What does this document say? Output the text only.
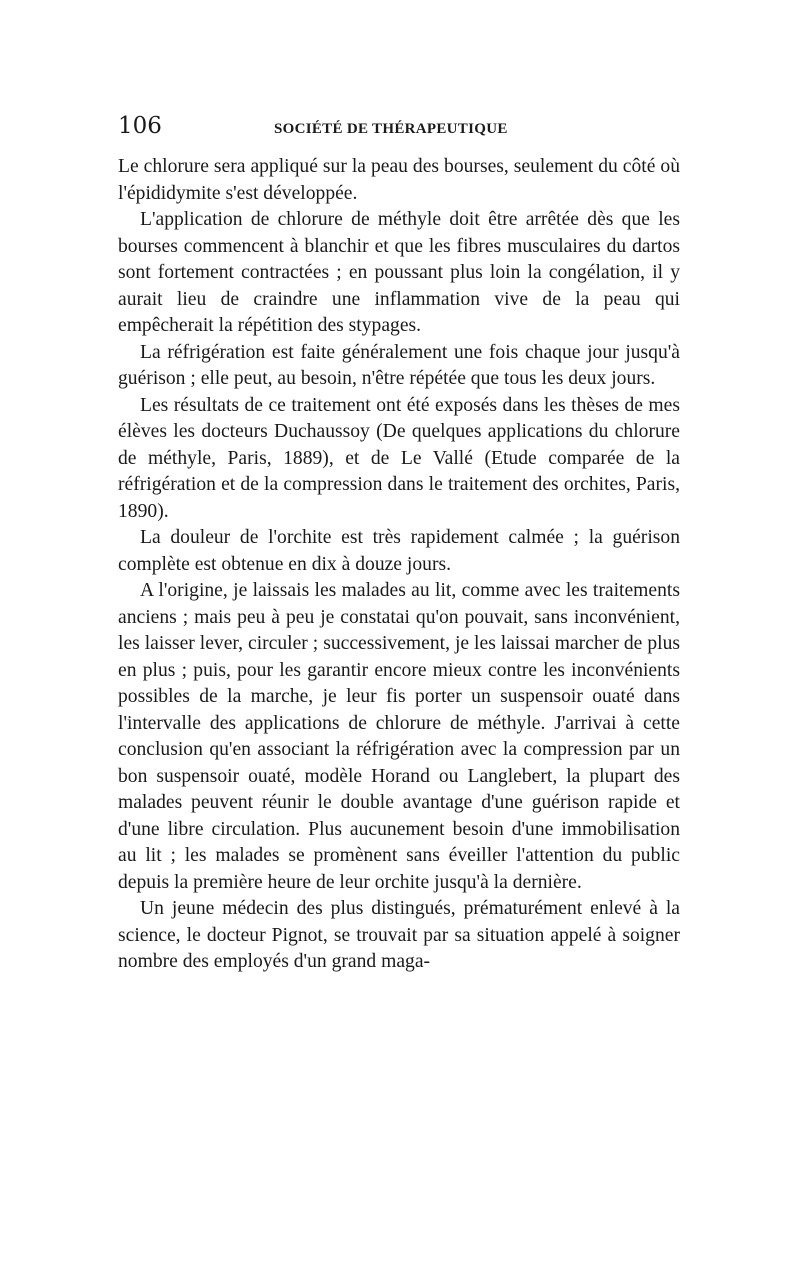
106	SOCIÉTÉ DE THÉRAPEUTIQUE

Le chlorure sera appliqué sur la peau des bourses, seulement du côté où l'épididymite s'est développée.

L'application de chlorure de méthyle doit être arrêtée dès que les bourses commencent à blanchir et que les fibres musculaires du dartos sont fortement contractées ; en poussant plus loin la congélation, il y aurait lieu de craindre une inflammation vive de la peau qui empêcherait la répétition des stypages.

La réfrigération est faite généralement une fois chaque jour jusqu'à guérison ; elle peut, au besoin, n'être répétée que tous les deux jours.

Les résultats de ce traitement ont été exposés dans les thèses de mes élèves les docteurs Duchaussoy (De quelques applications du chlorure de méthyle, Paris, 1889), et de Le Vallé (Etude comparée de la réfrigération et de la compression dans le traitement des orchites, Paris, 1890).

La douleur de l'orchite est très rapidement calmée ; la guérison complète est obtenue en dix à douze jours.

A l'origine, je laissais les malades au lit, comme avec les traitements anciens ; mais peu à peu je constatai qu'on pouvait, sans inconvénient, les laisser lever, circuler ; successivement, je les laissai marcher de plus en plus ; puis, pour les garantir encore mieux contre les inconvénients possibles de la marche, je leur fis porter un suspensoir ouaté dans l'intervalle des applications de chlorure de méthyle. J'arrivai à cette conclusion qu'en associant la réfrigération avec la compression par un bon suspensoir ouaté, modèle Horand ou Langlebert, la plupart des malades peuvent réunir le double avantage d'une guérison rapide et d'une libre circulation. Plus aucunement besoin d'une immobilisation au lit ; les malades se promènent sans éveiller l'attention du public depuis la première heure de leur orchite jusqu'à la dernière.

Un jeune médecin des plus distingués, prématurément enlevé à la science, le docteur Pignot, se trouvait par sa situation appelé à soigner nombre des employés d'un grand maga-
